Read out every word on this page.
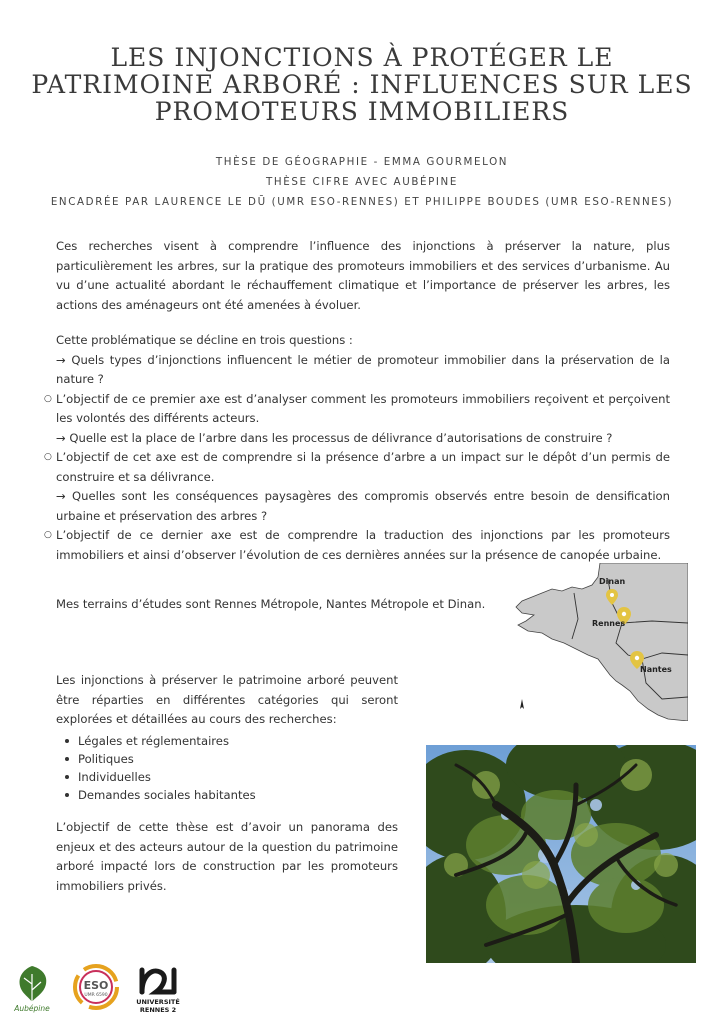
LES INJONCTIONS À PROTÉGER LE PATRIMOINE ARBORÉ : INFLUENCES SUR LES PROMOTEURS IMMOBILIERS
THÈSE DE GÉOGRAPHIE - EMMA GOURMELON
THÈSE CIFRE AVEC AUBÉPINE
ENCADRÉE PAR LAURENCE LE DŪ (UMR ESO-RENNES) ET PHILIPPE BOUDES (UMR ESO-RENNES)

Ces recherches visent à comprendre l’influence des injonctions à préserver la nature, plus particulièrement les arbres, sur la pratique des promoteurs immobiliers et des services d’urbanisme. Au vu d’une actualité abordant le réchauffement climatique et l’importance de préserver les arbres, les actions des aménageurs ont été amenées à évoluer.

Cette problématique se décline en trois questions :

→ Quels types d’injonctions influencent le métier de promoteur immobilier dans la préservation de la nature ?

○ L’objectif de ce premier axe est d’analyser comment les promoteurs immobiliers reçoivent et perçoivent les volontés des différents acteurs.

→ Quelle est la place de l’arbre dans les processus de délivrance d’autorisations de construire ?

○ L’objectif de cet axe est de comprendre si la présence d’arbre a un impact sur le dépôt d’un permis de construire et sa délivrance.

→ Quelles sont les conséquences paysagères des compromis observés entre besoin de densification urbaine et préservation des arbres ?

○ L’objectif de ce dernier axe est de comprendre la traduction des injonctions par les promoteurs immobiliers et ainsi d’observer l’évolution de ces dernières années sur la présence de canopée urbaine.

Mes terrains d’études sont Rennes Métropole, Nantes Métropole et Dinan.

Dinan
Rennes
Nantes

Les injonctions à préserver le patrimoine arboré peuvent être réparties en différentes catégories qui seront explorées et détaillées au cours des recherches:

Légales et réglementaires
Politiques
Individuelles
Demandes sociales habitantes

L’objectif de cette thèse est d’avoir un panorama des enjeux et des acteurs autour de la question du patrimoine arboré impacté lors de construction par les promoteurs immobiliers privés.

Aubépine
ESO
UMR 6590
UNIVERSITÉ
RENNES 2
